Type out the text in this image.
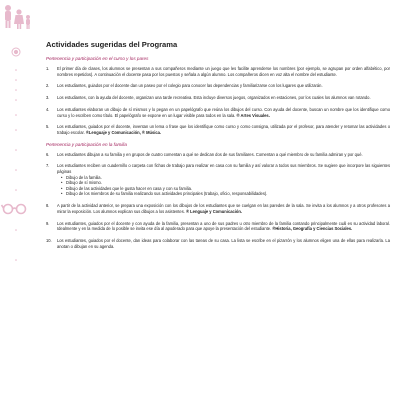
Actividades sugeridas del Programa
Pertenencia y participación en el curso y los pares
1.	El primer día de clases, los alumnos se presentan a sus compañeros mediante un juego que les facilite aprenderse los nombres (por ejemplo, se agrupan por orden alfabético, por nombres repetidos). A continuación el docente pasa por los puestos y señala a algún alumno. Los compañeros dicen en voz alta el nombre del estudiante.
2.	Los estudiantes, guiados por el docente dan un paseo por el colegio para conocer las dependencias y familiarizarse con los lugares que utilizarán.
3.	Los estudiantes, con la ayuda del docente, organizan una tarde recreativa. Esta incluye diversos juegos, organizados en estaciones, por los cuales los alumnos van rotando.
4.	Los estudiantes elaboran un dibujo de sí mismos y lo pegan en un papelógrafo que reúna los dibujos del curso. Con ayuda del docente, buscan un nombre que los identifique como curso y lo escriben como título. El papelógrafo se expone en un lugar visible para todos en la sala. ® Artes Visuales.
5.	Los estudiantes, guiados por el docente, inventan un lema o frase que los identifique como curso y como consigna, utilizada por el profesor, para atender y retomar las actividades o trabajo escolar. ®Lenguaje y Comunicación, ® Música.
Pertenencia y participación en la familia
6.	Los estudiantes dibujan a su familia y en grupos de cuatro comentan a qué se dedican dos de sus familiares. Comentan a qué miembro de su familia admiran y por qué.
7.	Los estudiantes reciben un cuadernillo o carpeta con fichas de trabajo para realizar en casa con su familia y así valorar a todos sus miembros. Se sugiere que incorpore las siguientes páginas
• Dibujo de la familia.
• Dibujo de sí mismo.
• Dibujo de las actividades que le gusta hacer en casa y con su familia.
• Dibujo de los miembros de su familia realizando sus actividades principales (trabajo, oficio, responsabilidades).
8.	A partir de la actividad anterior, se prepara una exposición con los dibujos de los estudiantes que se cuelgan en las paredes de la sala. Se invita a los alumnos y a otros profesores a mirar la exposición. Los alumnos explican sus dibujos a los asistentes. ® Lenguaje y Comunicación.
9.	Los estudiantes, guiados por el docente y con ayuda de la familia, presentan a uno de sus padres u otro miembro de la familia contando principalmente cuál es su actividad laboral. Idealmente y en la medida de lo posible se invita ese día al apoderado para que apoye la presentación del estudiante. ®Historia, Geografía y Ciencias Sociales.
10.	Los estudiantes, guiados por el docente, dan ideas para colaborar con las tareas de su casa. La lista se escribe en el pizarrón y los alumnos eligen una de ellas para realizarla. La anotan o dibujan en su agenda.
